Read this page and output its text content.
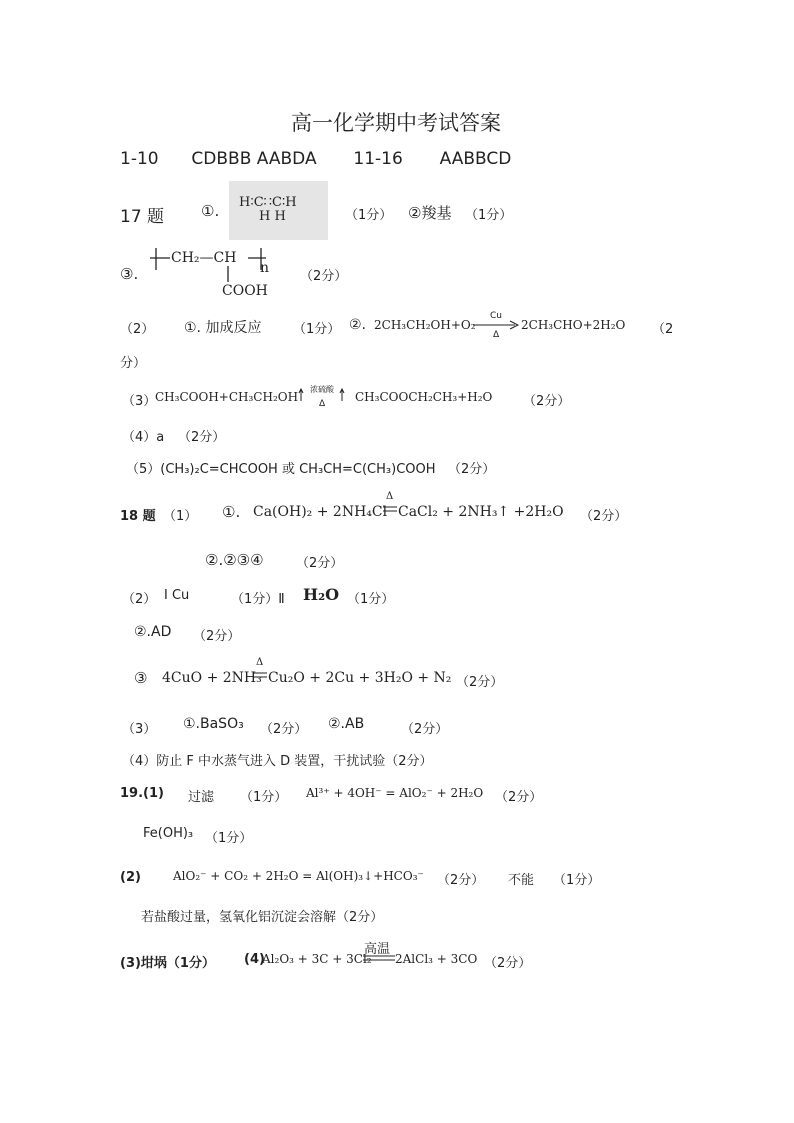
高一化学期中考试答案
1-10 CDBBB AABDA 11-16 AABBCD
17 题 ①. H∶C∷C∶H
H H	（1分） ②羧基 （1分）
③.
CH₂—CH
n
COOH
（2分）
（2） ①. 加成反应 （1分） ②. 2CH₃CH₂OH+O₂
Cu
Δ
2CH₃CHO+2H₂O （2
分）
（3）
CH₃COOH+CH₃CH₂OH
浓硫酸
Δ CH₃COOCH₂CH₃+H₂O （2分）
（4）a （2分）
（5）(CH₃)₂C=CHCOOH 或 CH₃CH=C(CH₃)COOH （2分）
18 题 （1） ①. Ca(OH)₂ + 2NH₄Cl
Δ
CaCl₂ + 2NH₃↑ +2H₂O （2分）
②.②③④ （2分）
（2） Ⅰ Cu	（1分）Ⅱ H₂O （1分）
②.AD （2分）
③ 4CuO + 2NH₃
Δ
Cu₂O + 2Cu + 3H₂O + N₂ （2分）
（3） ①.BaSO₃ （2分） ②.AB	（2分）
（4）防止 F 中水蒸气进入 D 装置，干扰试验（2分）
19.(1) 过滤 （1分） Al³⁺ + 4OH⁻ = AlO₂⁻ + 2H₂O （2分）
Fe(OH)₃ （1分）
(2)	AlO₂⁻ + CO₂ + 2H₂O = Al(OH)₃↓+HCO₃⁻ （2分） 不能 （1分）
若盐酸过量，氢氧化铝沉淀会溶解（2分）
(3)坩埚（1分） (4)
Al₂O₃ + 3C + 3Cl₂
高温
2AlCl₃ + 3CO （2分）
